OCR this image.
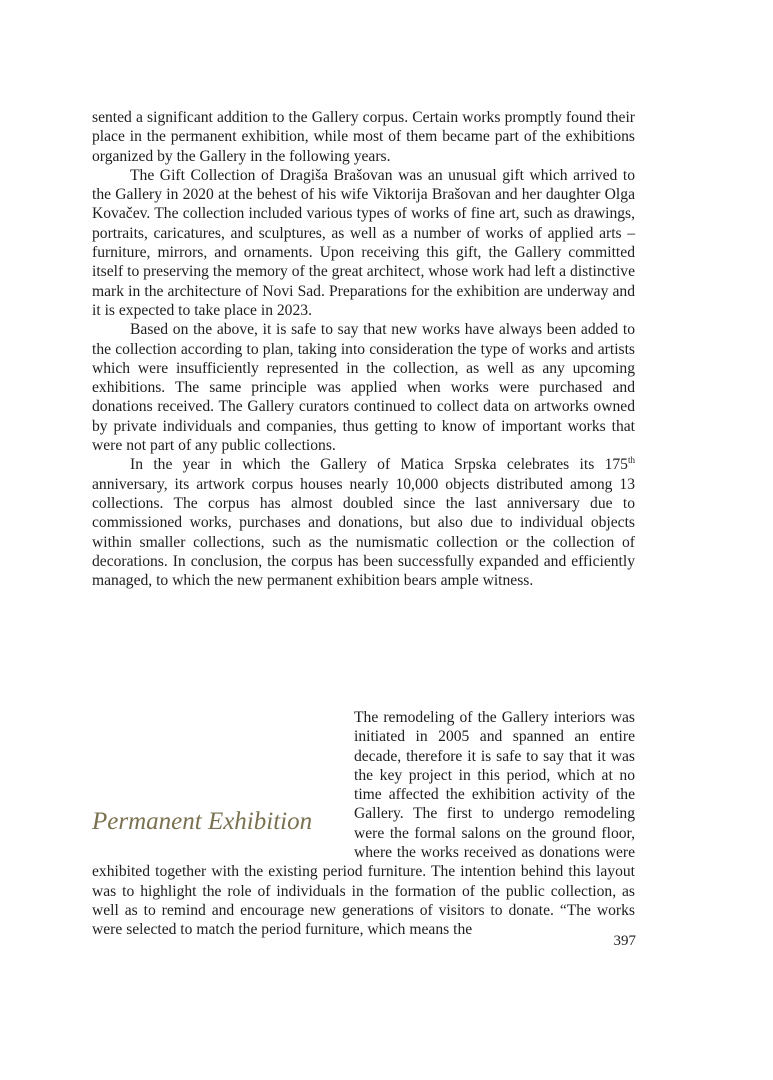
sented a significant addition to the Gallery corpus. Certain works promptly found their place in the permanent exhibition, while most of them became part of the exhibitions organized by the Gallery in the following years.

The Gift Collection of Dragiša Brašovan was an unusual gift which arrived to the Gallery in 2020 at the behest of his wife Viktorija Brašovan and her daughter Olga Kovačev. The collection included various types of works of fine art, such as drawings, portraits, caricatures, and sculptures, as well as a number of works of applied arts – furniture, mirrors, and ornaments. Upon receiving this gift, the Gallery committed itself to preserving the memory of the great architect, whose work had left a distinctive mark in the architecture of Novi Sad. Preparations for the exhibition are underway and it is expected to take place in 2023.

Based on the above, it is safe to say that new works have always been added to the collection according to plan, taking into consideration the type of works and artists which were insufficiently represented in the collection, as well as any upcoming exhibitions. The same principle was applied when works were purchased and donations received. The Gallery curators continued to collect data on artworks owned by private individuals and companies, thus getting to know of important works that were not part of any public collections.

In the year in which the Gallery of Matica Srpska celebrates its 175th anniversary, its artwork corpus houses nearly 10,000 objects distributed among 13 collections. The corpus has almost doubled since the last anniversary due to commissioned works, purchases and donations, but also due to individual objects within smaller collections, such as the numismatic collection or the collection of decorations. In conclusion, the corpus has been successfully expanded and efficiently managed, to which the new permanent exhibition bears ample witness.

Permanent Exhibition

The remodeling of the Gallery interiors was initiated in 2005 and spanned an entire decade, therefore it is safe to say that it was the key project in this period, which at no time affected the exhibition activity of the Gallery. The first to undergo remodeling were the formal salons on the ground floor, where the works received as donations were exhibited together with the existing period furniture. The intention behind this layout was to highlight the role of individuals in the formation of the public collection, as well as to remind and encourage new generations of visitors to donate. “The works were selected to match the period furniture, which means the

397
